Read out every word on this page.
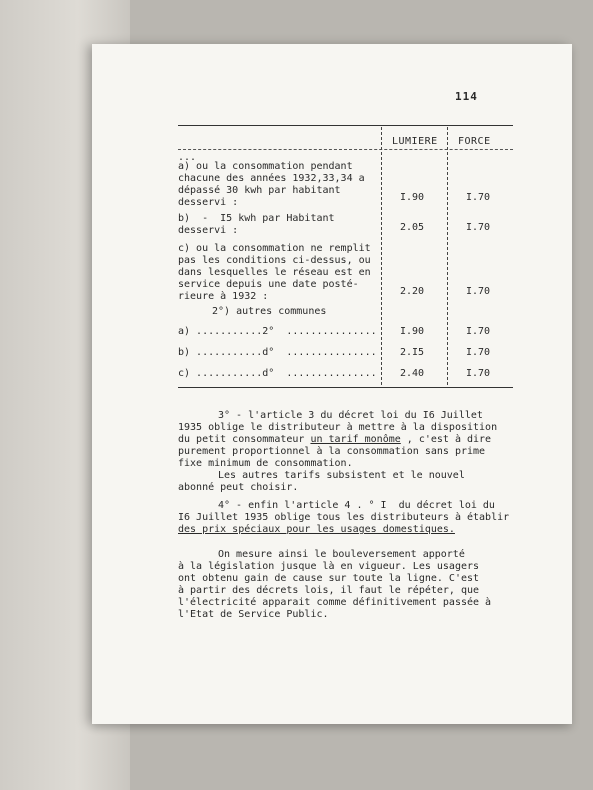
114
LUMIERE FORCE
...
a) ou la consommation pendant
chacune des années 1932,33,34 a
dépassé 30 kwh par habitant
desservi :	I.90	I.70
b)  -  I5 kwh par Habitant
desservi :	2.05	I.70
c) ou la consommation ne remplit
pas les conditions ci-dessus, ou
dans lesquelles le réseau est en
service depuis une date posté-
rieure à 1932 :	2.20	I.70
2°) autres communes
a) ...........2°  ............... I.90	I.70
b) ...........d°  ............... 2.I5	I.70
c) ...........d°  ............... 2.40	I.70
3° - l'article 3 du décret loi du I6 Juillet
1935 oblige le distributeur à mettre à la disposition
du petit consommateur un tarif monôme , c'est à dire
purement proportionnel à la consommation sans prime
fixe minimum de consommation.
Les autres tarifs subsistent et le nouvel
abonné peut choisir.
4° - enfin l'article 4 . ° I  du décret loi du
I6 Juillet 1935 oblige tous les distributeurs à établir
des prix spéciaux pour les usages domestiques.
On mesure ainsi le bouleversement apporté
à la législation jusque là en vigueur. Les usagers
ont obtenu gain de cause sur toute la ligne. C'est
à partir des décrets lois, il faut le répéter, que
l'électricité apparait comme définitivement passée à
l'Etat de Service Public.
